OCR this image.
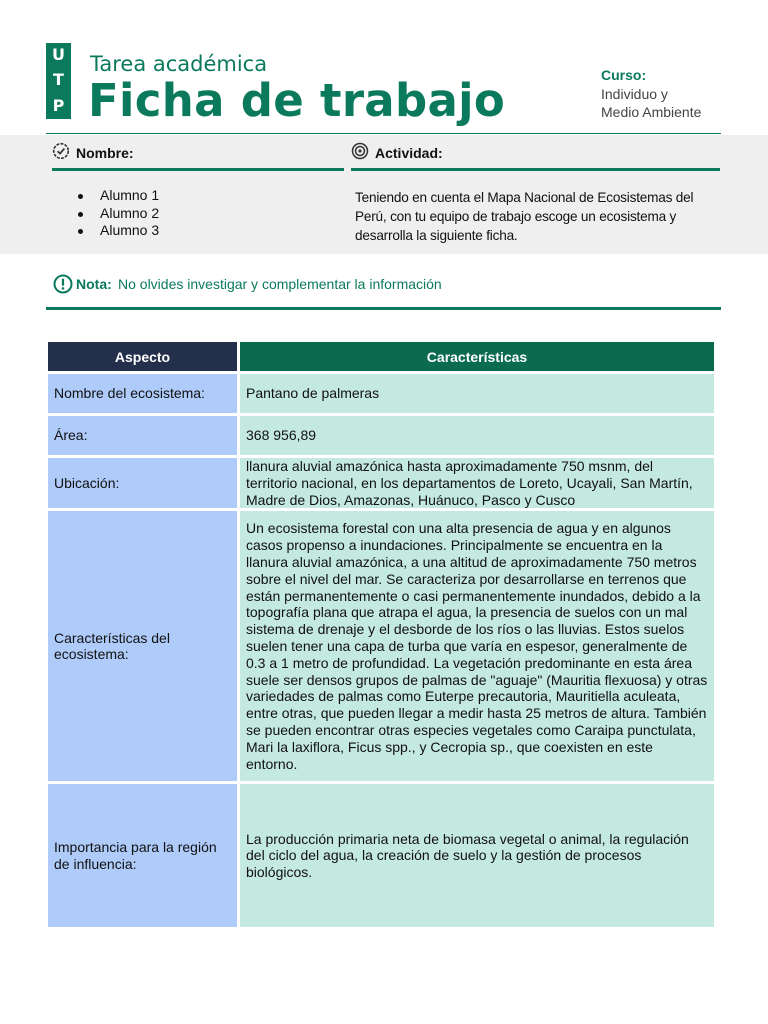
U
T
P
Tarea académica
Ficha de trabajo	Curso:
Individuo y
Medio Ambiente
Nombre:	Actividad:
Alumno 1
Alumno 2
Alumno 3
Teniendo en cuenta el Mapa Nacional de Ecosistemas del Perú, con tu equipo de trabajo escoge un ecosistema y desarrolla la siguiente ficha.
Nota: No olvides investigar y complementar la información
Aspecto	Características
Nombre del ecosistema:	Pantano de palmeras
Área:	368 956,89
Ubicación:	llanura aluvial amazónica hasta aproximadamente 750 msnm, del territorio nacional, en los departamentos de Loreto, Ucayali, San Martín, Madre de Dios, Amazonas, Huánuco, Pasco y Cusco
Características del ecosistema:	Un ecosistema forestal con una alta presencia de agua y en algunos casos propenso a inundaciones. Principalmente se encuentra en la llanura aluvial amazónica, a una altitud de aproximadamente 750 metros sobre el nivel del mar. Se caracteriza por desarrollarse en terrenos que están permanentemente o casi permanentemente inundados, debido a la topografía plana que atrapa el agua, la presencia de suelos con un mal sistema de drenaje y el desborde de los ríos o las lluvias. Estos suelos suelen tener una capa de turba que varía en espesor, generalmente de 0.3 a 1 metro de profundidad. La vegetación predominante en esta área suele ser densos grupos de palmas de "aguaje" (Mauritia flexuosa) y otras variedades de palmas como Euterpe precautoria, Mauritiella aculeata, entre otras, que pueden llegar a medir hasta 25 metros de altura. También se pueden encontrar otras especies vegetales como Caraipa punctulata, Mari la laxiflora, Ficus spp., y Cecropia sp., que coexisten en este entorno.
Importancia para la región de influencia:	La producción primaria neta de biomasa vegetal o animal, la regulación del ciclo del agua, la creación de suelo y la gestión de procesos biológicos.
